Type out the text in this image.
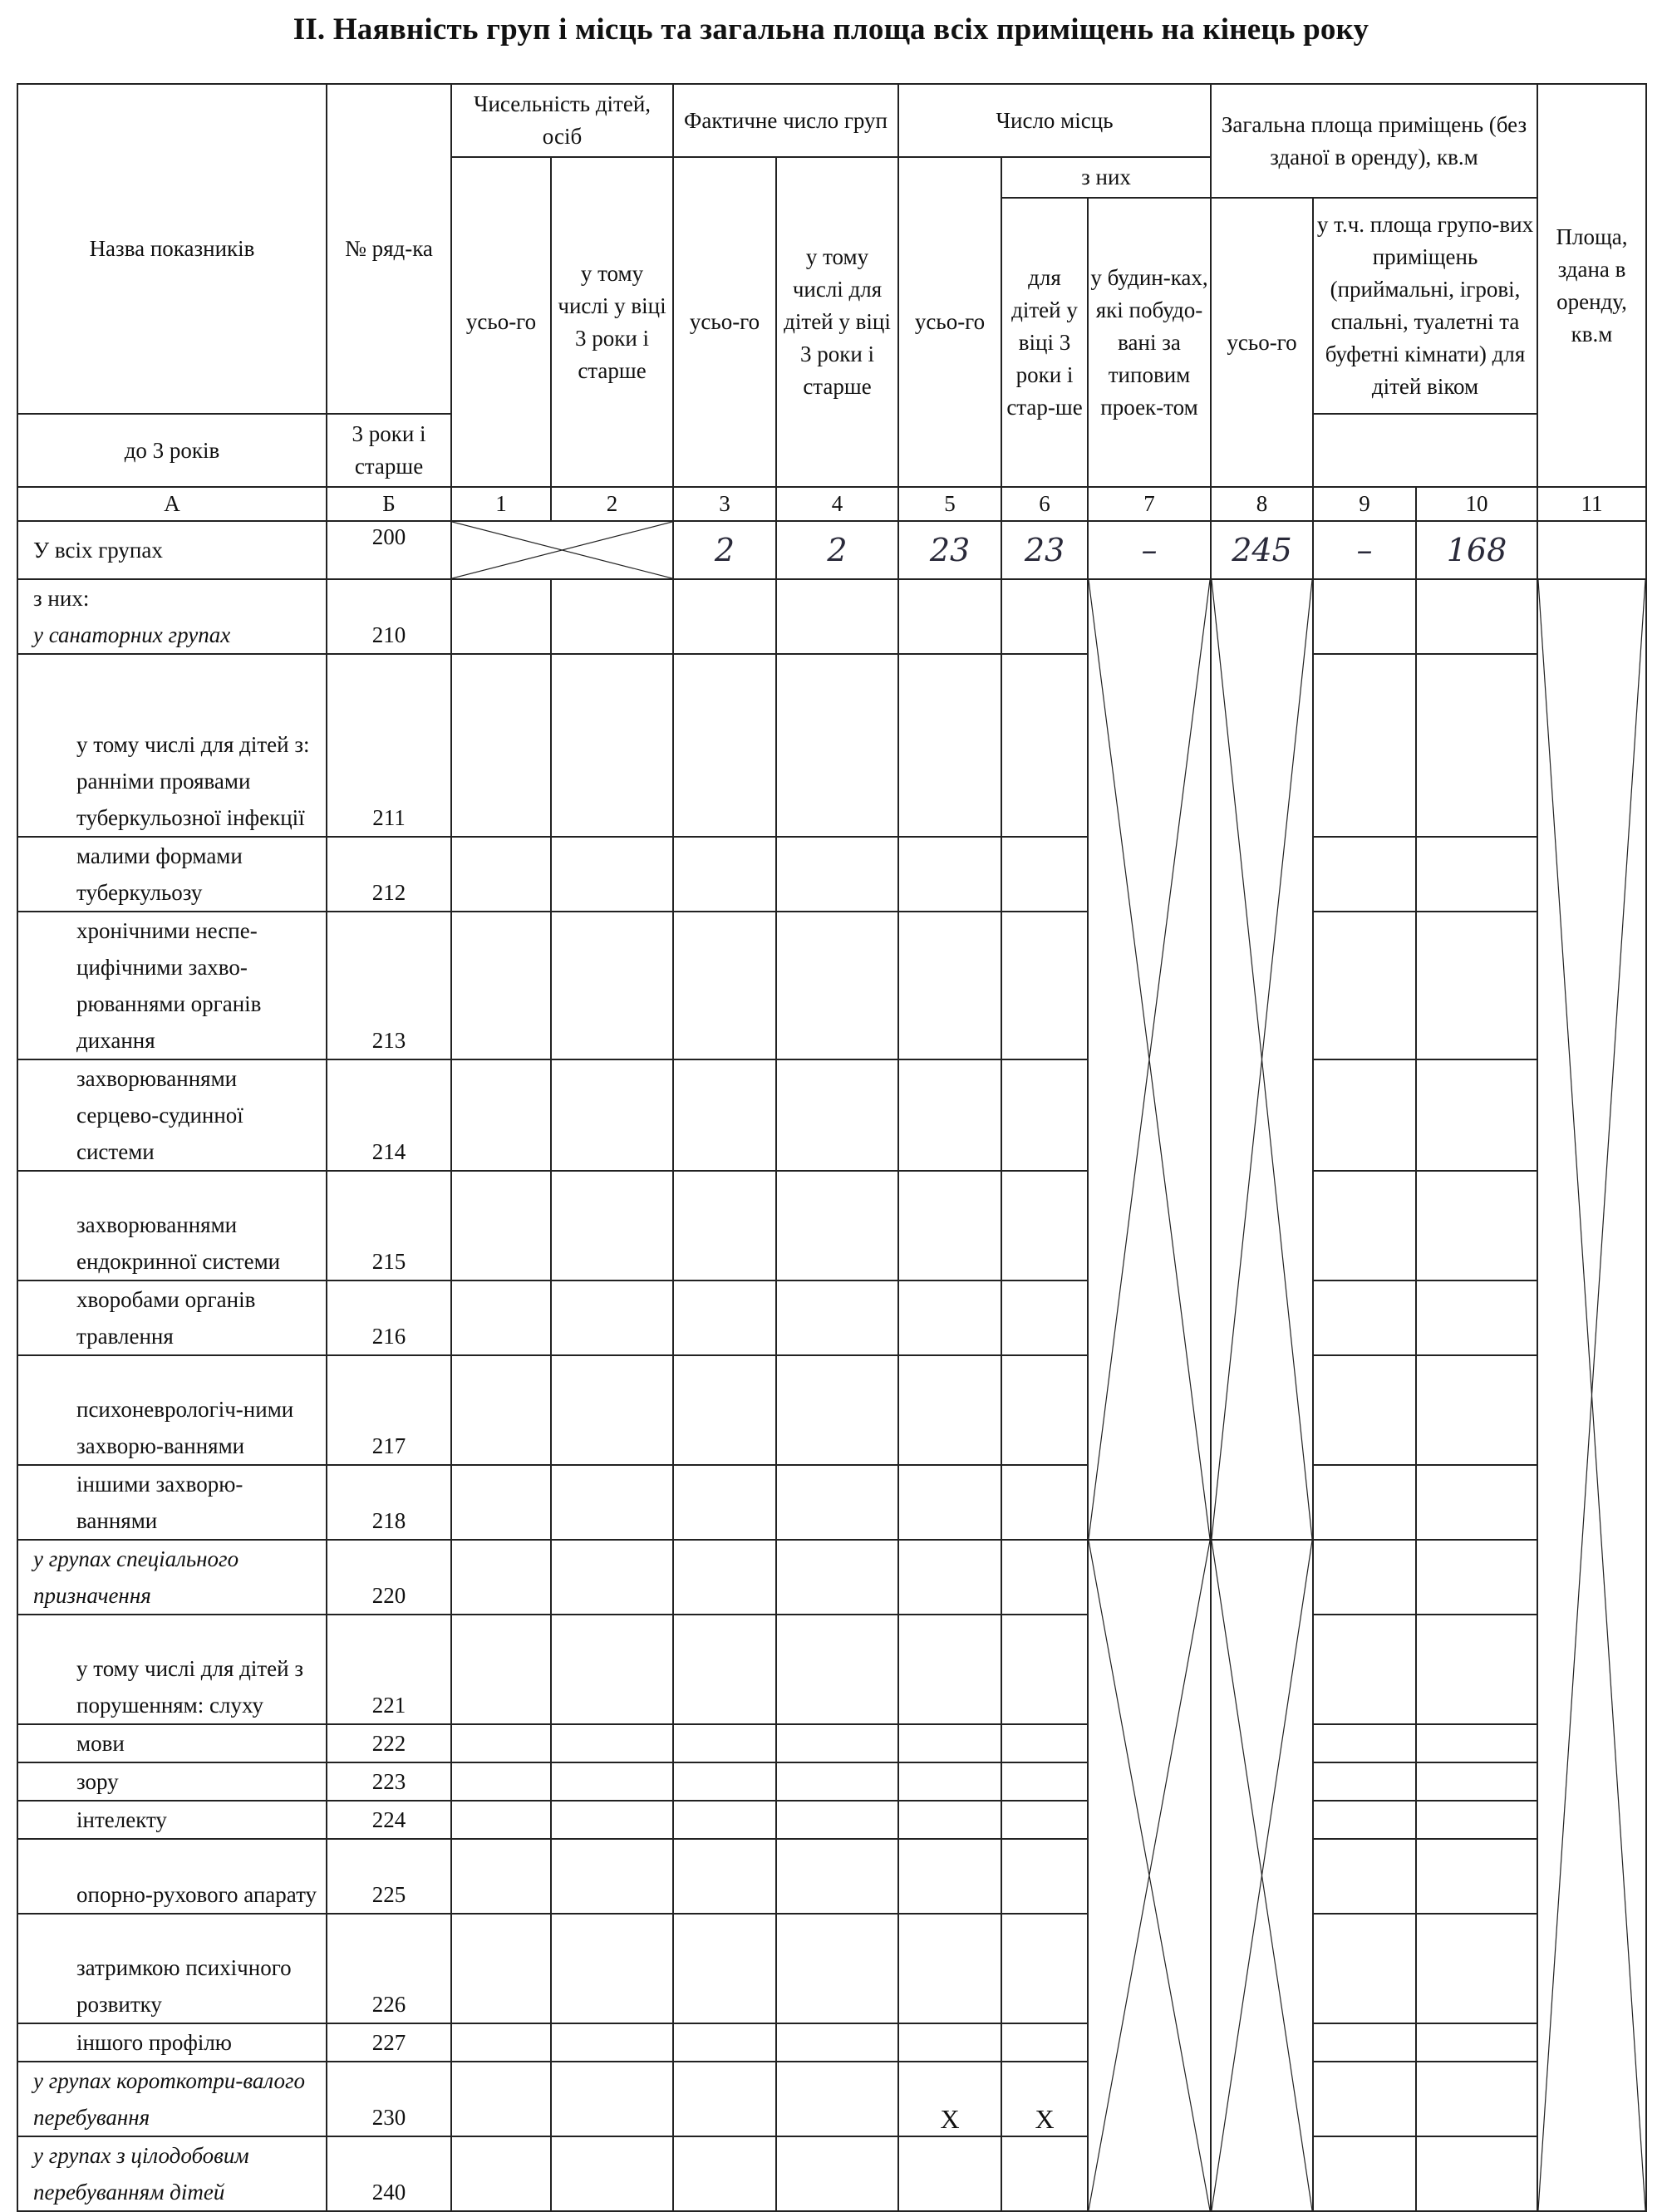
ІІ. Наявність груп і місць та загальна площа всіх приміщень на кінець року
Назва показників	№ ряд-ка	Чисельність дітей, осіб		Фактичне число груп		Число місць			Загальна площа приміщень (без зданої в оренду), кв.м			Площа, здана в оренду, кв.м
		усьо-го	у тому числі у віці 3 роки і старше	усьо-го	у тому числі для дітей у віці 3 роки і старше							
						усьо-го	з них					
							для дітей у віці 3 роки і стар-ше	у будин-ках, які побудо-вані за типовим проек-том	усьо-го	у т.ч. площа групо-вих приміщень (приймальні, ігрові, спальні, туалетні та буфетні кімнати) для дітей віком		
до 3 років	3 роки і старше											
А	Б	1	2	3	4	5	6	7	8	9	10	11
У всіх групах	200			2	2	23	23	–	245	–	168	

з них:
у санаторних групах	210							

у тому числі для дітей з: ранніми проявами туберкульозної інфекції	211											
малими формами туберкульозу	212											
хронічними неспе-цифічними захво-рюваннями органів дихання	213											
захворюваннями серцево-судинної системи	214											
захворюваннями ендокринної системи	215											
хворобами органів травлення	216											
психоневрологіч-ними захворю-ваннями	217											
іншими захворю-ваннями	218											
у групах спеціального призначення	220							

у тому числі для дітей з порушенням: слуху	221											
мови	222											
зору	223											
інтелекту	224											
опорно-рухового апарату	225											
затримкою психічного розвитку	226											
іншого профілю	227											
у групах короткотри-валого перебування	230					Х	Х					
у групах з цілодобовим перебуванням дітей	240											
